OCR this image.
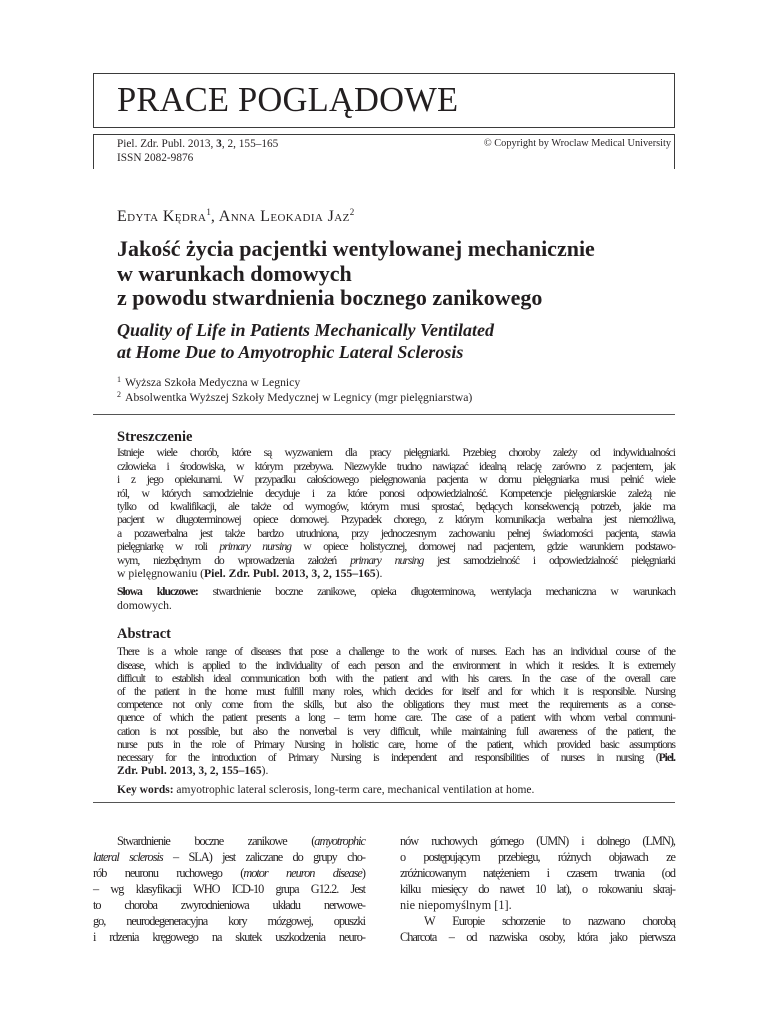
PRACE POGLĄDOWE
Piel. Zdr. Publ. 2013, 3, 2, 155–165
ISSN 2082-9876
© Copyright by Wroclaw Medical University
Edyta Kędra$^1$, Anna Leokadia Jaz$^2$
Jakość życia pacjentki wentylowanej mechanicznie
w warunkach domowych
z powodu stwardnienia bocznego zanikowego
Quality of Life in Patients Mechanically Ventilated
at Home Due to Amyotrophic Lateral Sclerosis
1 Wyższa Szkoła Medyczna w Legnicy
2 Absolwentka Wyższej Szkoły Medycznej w Legnicy (mgr pielęgniarstwa)
Streszczenie
Istnieje wiele chorób, które są wyzwaniem dla pracy pielęgniarki. Przebieg choroby zależy od indywidualności
człowieka i środowiska, w którym przebywa. Niezwykle trudno nawiązać idealną relację zarówno z pacjentem, jak
i z jego opiekunami. W przypadku całościowego pielęgnowania pacjenta w domu pielęgniarka musi pełnić wiele
ról, w których samodzielnie decyduje i za które ponosi odpowiedzialność. Kompetencje pielęgniarskie zależą nie
tylko od kwalifikacji, ale także od wymogów, którym musi sprostać, będących konsekwencją potrzeb, jakie ma
pacjent w długoterminowej opiece domowej. Przypadek chorego, z którym komunikacja werbalna jest niemożliwa,
a pozawerbalna jest także bardzo utrudniona, przy jednoczesnym zachowaniu pełnej świadomości pacjenta, stawia
pielęgniarkę w roli primary nursing w opiece holistycznej, domowej nad pacjentem, gdzie warunkiem podstawo-
wym, niezbędnym do wprowadzenia założeń primary nursing jest samodzielność i odpowiedzialność pielęgniarki
w pielęgnowaniu (Piel. Zdr. Publ. 2013, 3, 2, 155–165).
Słowa kluczowe: stwardnienie boczne zanikowe, opieka długoterminowa, wentylacja mechaniczna w warunkach
domowych.
Abstract
There is a whole range of diseases that pose a challenge to the work of nurses. Each has an individual course of the
disease, which is applied to the individuality of each person and the environment in which it resides. It is extremely
difficult to establish ideal communication both with the patient and with his carers. In the case of the overall care
of the patient in the home must fulfill many roles, which decides for itself and for which it is responsible. Nursing
competence not only come from the skills, but also the obligations they must meet the requirements as a conse-
quence of which the patient presents a long – term home care. The case of a patient with whom verbal communi-
cation is not possible, but also the nonverbal is very difficult, while maintaining full awareness of the patient, the
nurse puts in the role of Primary Nursing in holistic care, home of the patient, which provided basic assumptions
necessary for the introduction of Primary Nursing is independent and responsibilities of nurses in nursing (Piel.
Zdr. Publ. 2013, 3, 2, 155–165).
Key words: amyotrophic lateral sclerosis, long-term care, mechanical ventilation at home.
Stwardnienie boczne zanikowe (amyotrophic
lateral sclerosis – SLA) jest zaliczane do grupy cho-
rób neuronu ruchowego (motor neuron disease)
– wg klasyfikacji WHO ICD-10 grupa G12.2. Jest
to choroba zwyrodnieniowa układu nerwowe-
go, neurodegeneracyjna kory mózgowej, opuszki
i rdzenia kręgowego na skutek uszkodzenia neuro-
nów ruchowych górnego (UMN) i dolnego (LMN),
o postępującym przebiegu, różnych objawach ze
zróżnicowanym natężeniem i czasem trwania (od
kilku miesięcy do nawet 10 lat), o rokowaniu skraj-
nie niepomyślnym [1].
W Europie schorzenie to nazwano chorobą
Charcota – od nazwiska osoby, która jako pierwsza
